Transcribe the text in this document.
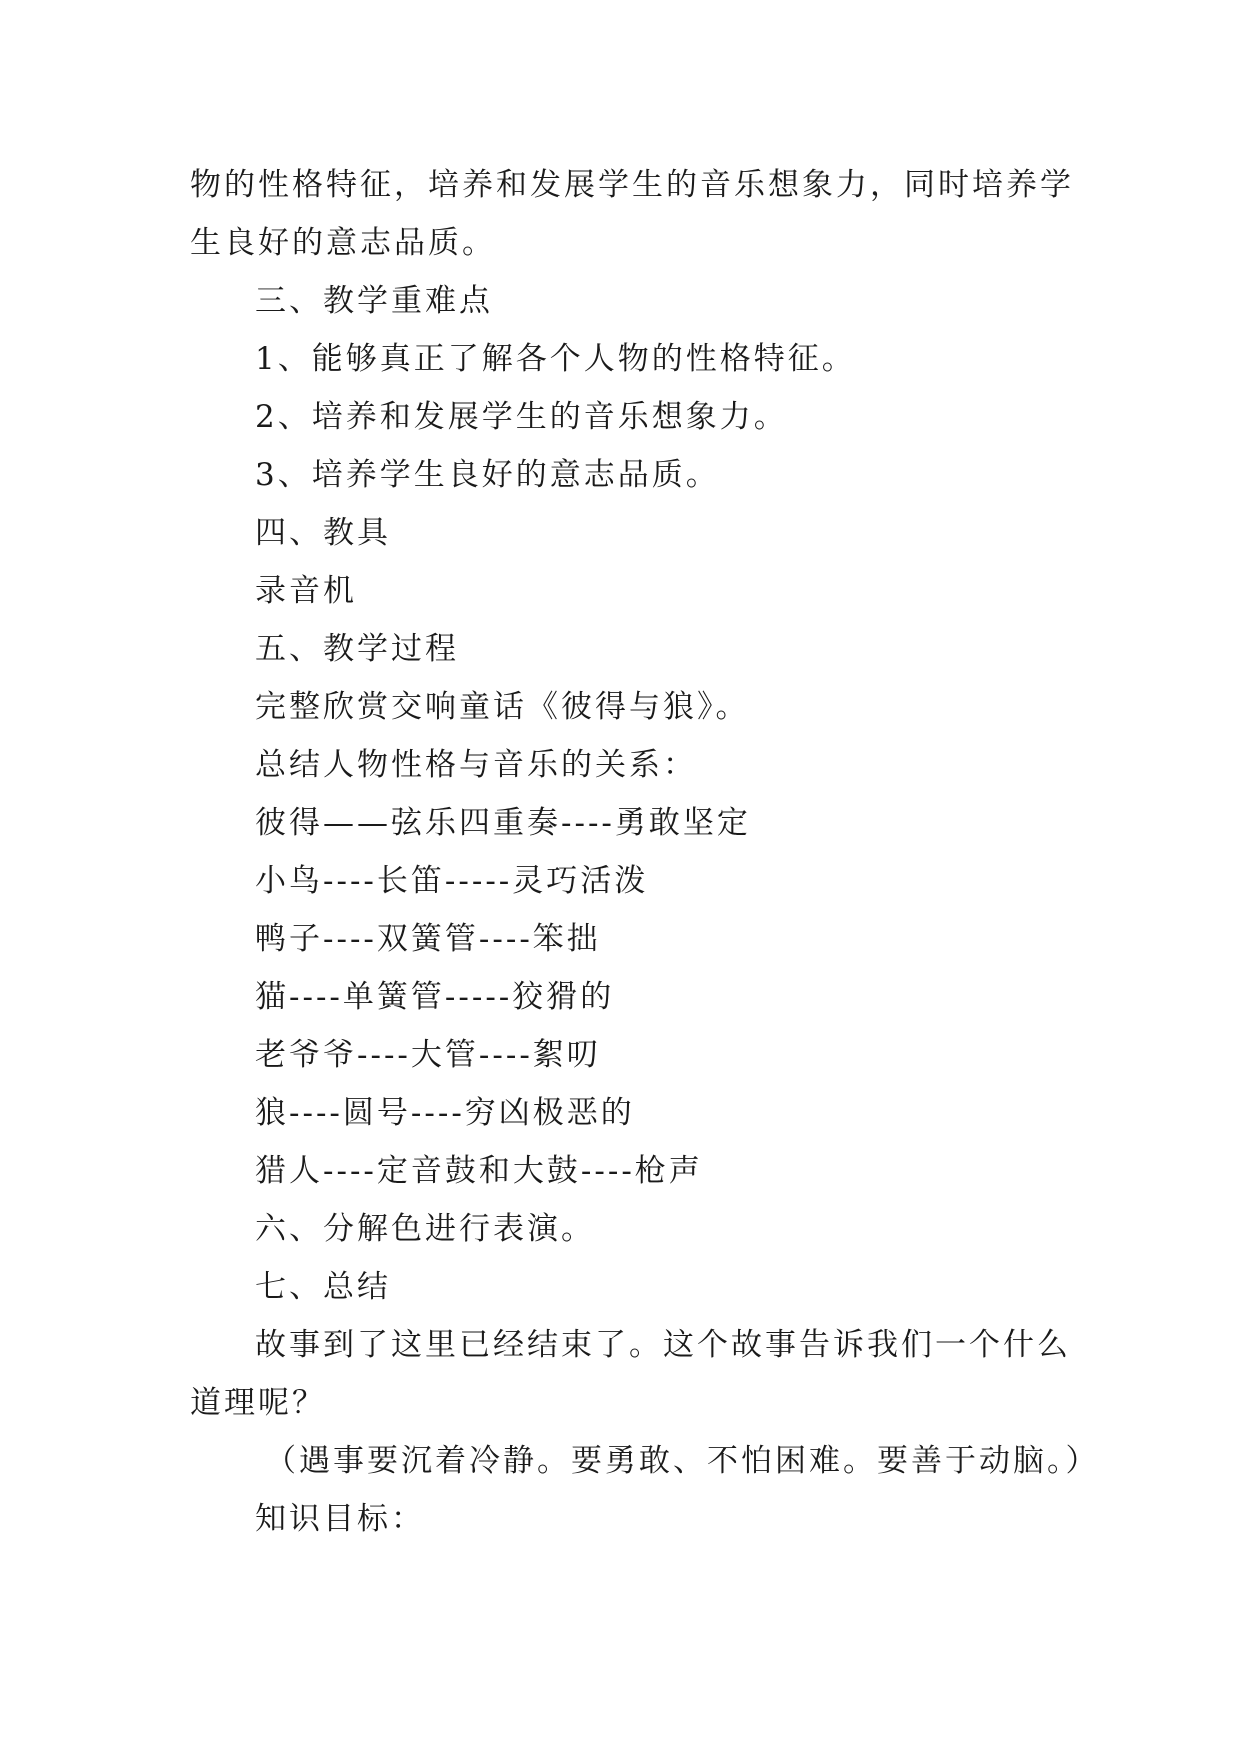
物的性格特征，培养和发展学生的音乐想象力，同时培养学
生良好的意志品质。
三、教学重难点
1、能够真正了解各个人物的性格特征。
2、培养和发展学生的音乐想象力。
3、培养学生良好的意志品质。
四、教具
录音机
五、教学过程
完整欣赏交响童话《彼得与狼》。
总结人物性格与音乐的关系：
彼得——弦乐四重奏----勇敢坚定
小鸟----长笛-----灵巧活泼
鸭子----双簧管----笨拙
猫----单簧管-----狡猾的
老爷爷----大管----絮叨
狼----圆号----穷凶极恶的
猎人----定音鼓和大鼓----枪声
六、分解色进行表演。
七、总结
故事到了这里已经结束了。这个故事告诉我们一个什么
道理呢？
（遇事要沉着冷静。要勇敢、不怕困难。要善于动脑。）
知识目标：
